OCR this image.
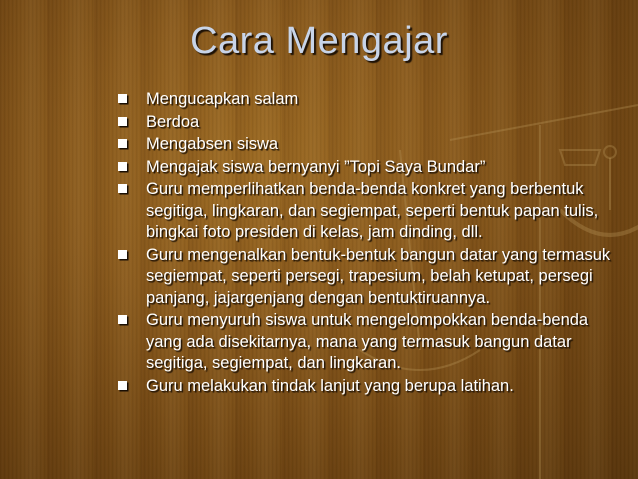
Cara Mengajar
Mengucapkan salam
Berdoa
Mengabsen siswa
Mengajak siswa bernyanyi ”Topi Saya Bundar”
Guru memperlihatkan benda-benda konkret yang berbentuk segitiga, lingkaran, dan segiempat, seperti bentuk papan tulis, bingkai foto presiden di kelas, jam dinding, dll.
Guru mengenalkan bentuk-bentuk bangun datar yang termasuk segiempat, seperti persegi, trapesium, belah ketupat, persegi panjang, jajargenjang dengan bentuktiruannya.
Guru menyuruh siswa untuk mengelompokkan benda-benda yang ada disekitarnya, mana yang termasuk bangun datar segitiga, segiempat, dan lingkaran.
Guru melakukan tindak lanjut yang berupa latihan.
